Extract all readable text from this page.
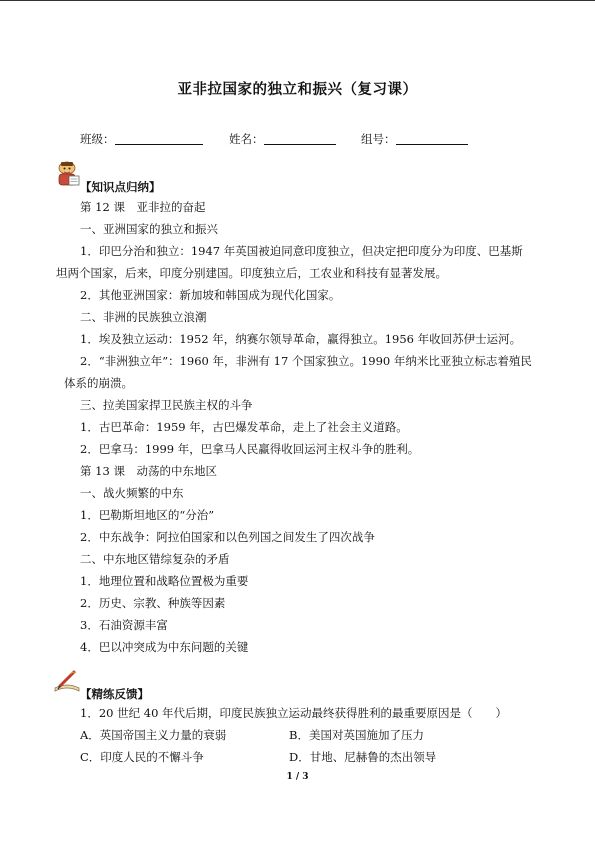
亚非拉国家的独立和振兴（复习课）
班级：	姓名：	组号：
【知识点归纳】
第 12 课　亚非拉的奋起
一、亚洲国家的独立和振兴
1．印巴分治和独立：1947 年英国被迫同意印度独立，但决定把印度分为印度、巴基斯
坦两个国家，后来，印度分别建国。印度独立后，工农业和科技有显著发展。
2．其他亚洲国家：新加坡和韩国成为现代化国家。
二、非洲的民族独立浪潮
1．埃及独立运动：1952 年，纳赛尔领导革命，赢得独立。1956 年收回苏伊士运河。
2．“非洲独立年”：1960 年，非洲有 17 个国家独立。1990 年纳米比亚独立标志着殖民
体系的崩溃。
三、拉美国家捍卫民族主权的斗争
1．古巴革命：1959 年，古巴爆发革命，走上了社会主义道路。
2．巴拿马：1999 年，巴拿马人民赢得收回运河主权斗争的胜利。
第 13 课　动荡的中东地区
一、战火频繁的中东
1．巴勒斯坦地区的“分治”
2．中东战争：阿拉伯国家和以色列国之间发生了四次战争
二、中东地区错综复杂的矛盾
1．地理位置和战略位置极为重要
2．历史、宗教、种族等因素
3．石油资源丰富
4．巴以冲突成为中东问题的关键
【精练反馈】
1．20 世纪 40 年代后期，印度民族独立运动最终获得胜利的最重要原因是（　　）
A．英国帝国主义力量的衰弱	B．美国对英国施加了压力
C．印度人民的不懈斗争	D．甘地、尼赫鲁的杰出领导
1 / 3
